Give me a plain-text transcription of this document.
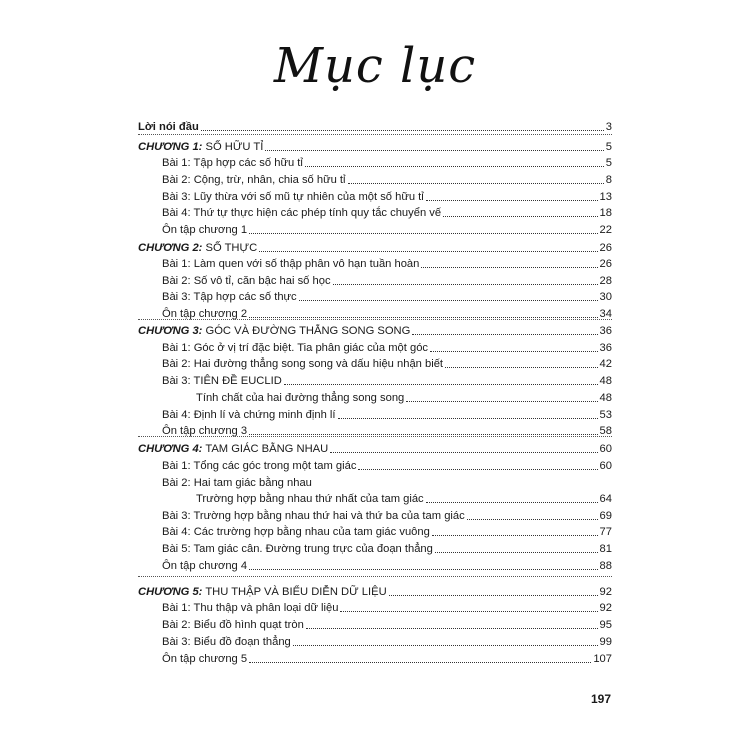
Mục lục
Lời nói đầu	3
CHƯƠNG 1: SỐ HỮU TỈ	5
Bài 1: Tập hợp các số hữu tỉ	5
Bài 2: Cộng, trừ, nhân, chia số hữu tỉ	8
Bài 3: Lũy thừa với số mũ tự nhiên của một số hữu tỉ	13
Bài 4: Thứ tự thực hiện các phép tính quy tắc chuyển vế	18
Ôn tập chương 1	22
CHƯƠNG 2: SỐ THỰC	26
Bài 1: Làm quen với số thập phân vô hạn tuần hoàn	26
Bài 2: Số vô tỉ, căn bậc hai số học	28
Bài 3: Tập hợp các số thực	30
Ôn tập chương 2	34
CHƯƠNG 3: GÓC VÀ ĐƯỜNG THẲNG SONG SONG	36
Bài 1: Góc ở vị trí đặc biệt. Tia phân giác của một góc	36
Bài 2: Hai đường thẳng song song và dấu hiệu nhận biết	42
Bài 3: TIÊN ĐỀ EUCLID	48
Tính chất của hai đường thẳng song song	48
Bài 4: Định lí và chứng minh định lí	53
Ôn tập chương 3	58
CHƯƠNG 4: TAM GIÁC BẰNG NHAU	60
Bài 1: Tổng các góc trong một tam giác	60
Bài 2: Hai tam giác bằng nhau
Trường hợp bằng nhau thứ nhất của tam giác	64
Bài 3: Trường hợp bằng nhau thứ hai và thứ ba của tam giác	69
Bài 4: Các trường hợp bằng nhau của tam giác vuông	77
Bài 5: Tam giác cân. Đường trung trực của đoạn thẳng	81
Ôn tập chương 4	88
CHƯƠNG 5: THU THẬP VÀ BIỂU DIỄN DỮ LIỆU	92
Bài 1: Thu thập và phân loại dữ liệu	92
Bài 2: Biểu đồ hình quạt tròn	95
Bài 3: Biểu đồ đoạn thẳng	99
Ôn tập chương 5	107
197
